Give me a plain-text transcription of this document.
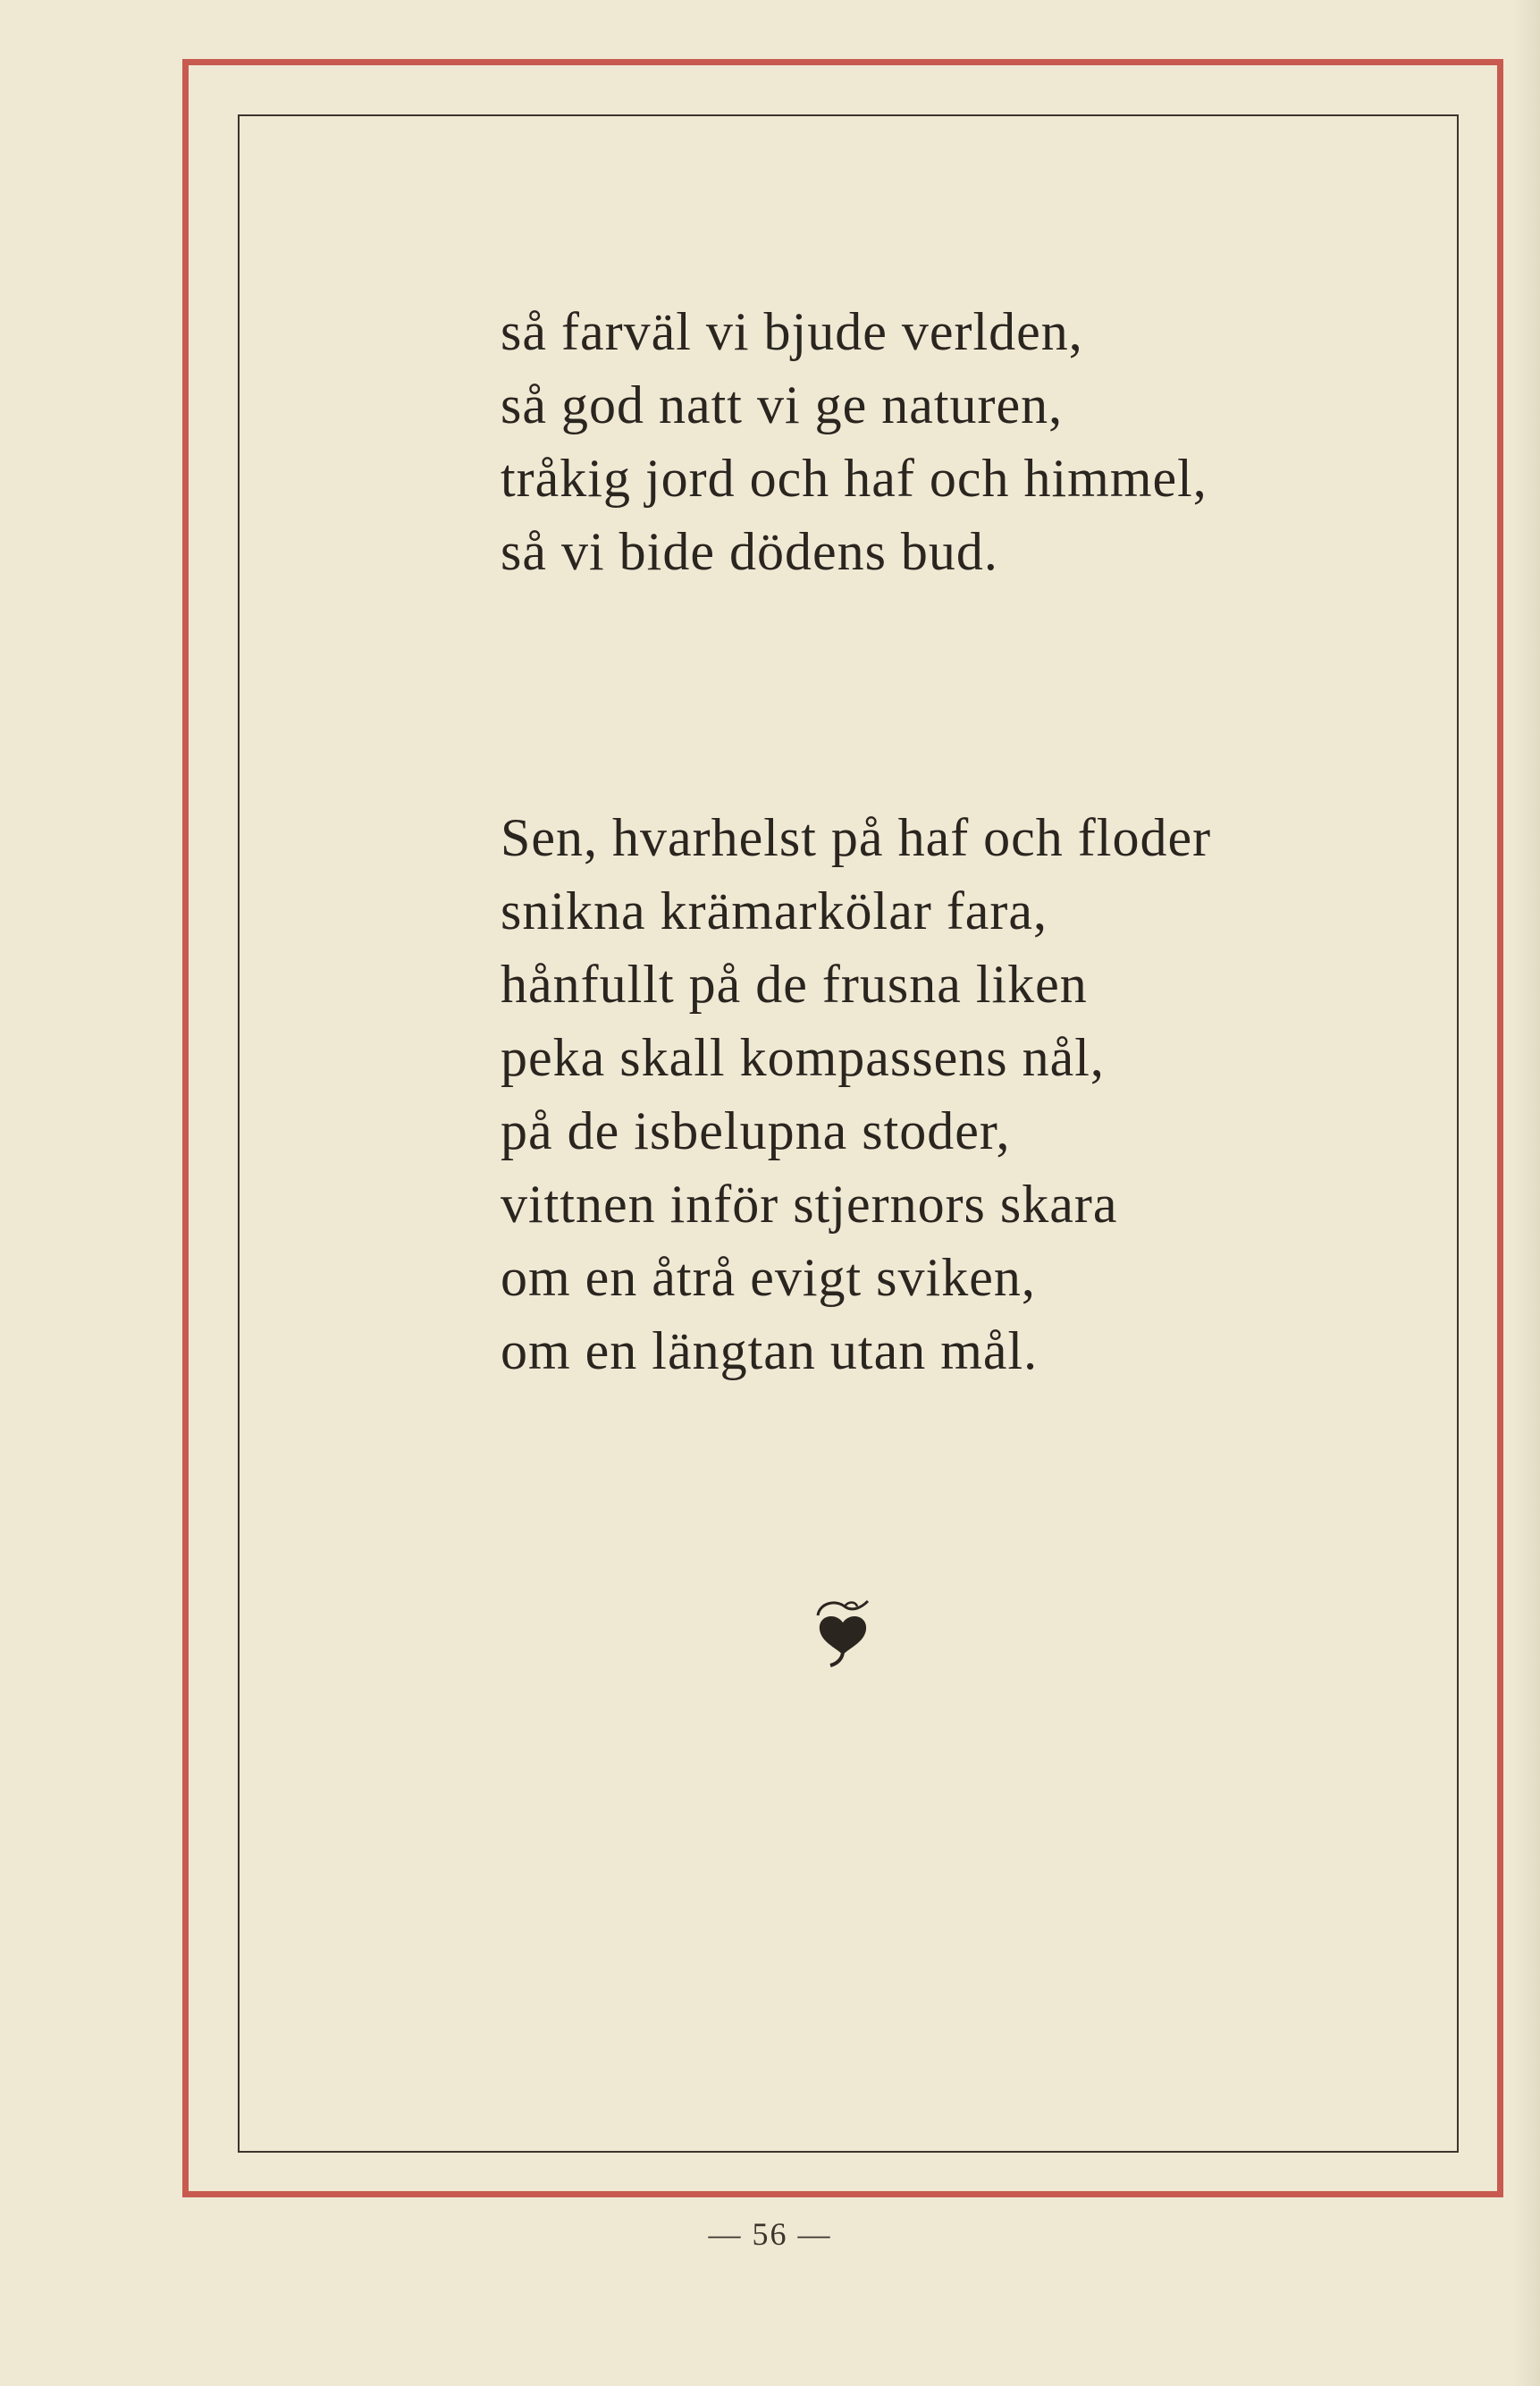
så farväl vi bjude verlden,
så god natt vi ge naturen,
tråkig jord och haf och himmel,
så vi bide dödens bud.
Sen, hvarhelst på haf och floder
snikna krämarkölar fara,
hånfullt på de frusna liken
peka skall kompassens nål,
på de isbelupna stoder,
vittnen inför stjernors skara
om en åtrå evigt sviken,
om en längtan utan mål.
— 56 —
